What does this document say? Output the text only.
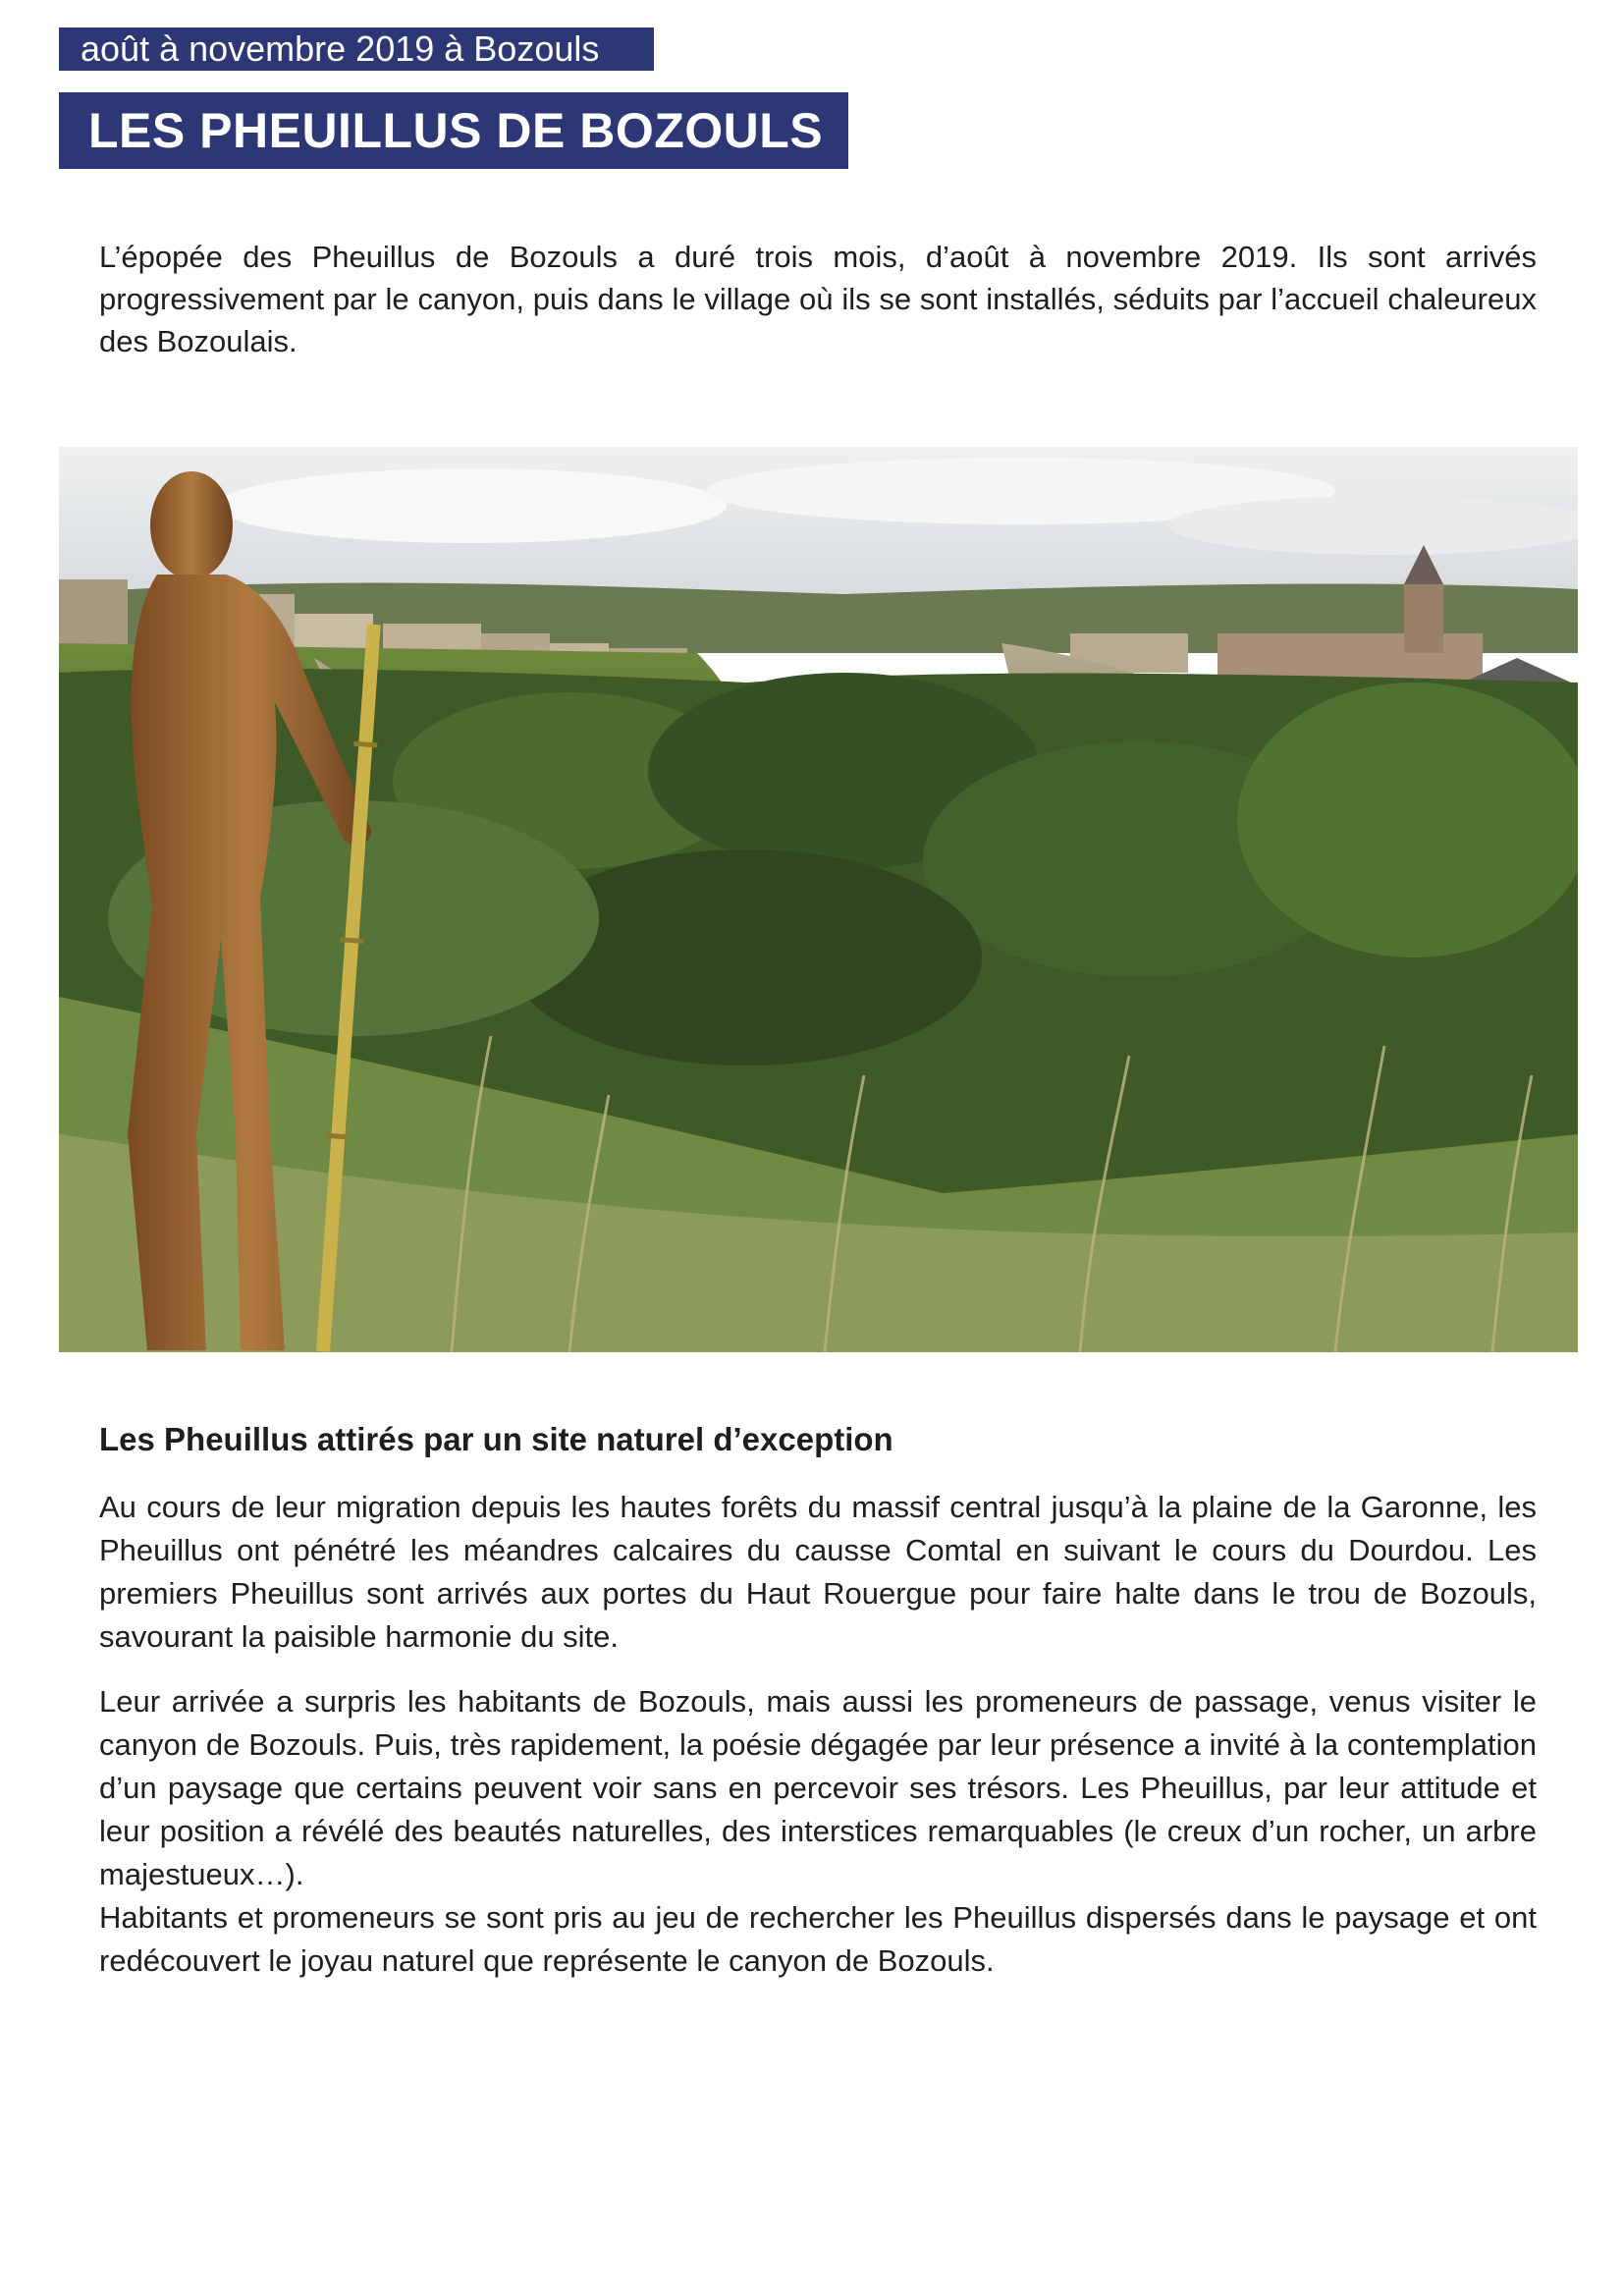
août à novembre 2019 à Bozouls
LES PHEUILLUS DE BOZOULS

L’épopée des Pheuillus de Bozouls a duré trois mois, d’août à novembre 2019. Ils sont arrivés progressivement par le canyon, puis dans le village où ils se sont installés, séduits par l’accueil chaleureux des Bozoulais.

Les Pheuillus attirés par un site naturel d’exception

Au cours de leur migration depuis les hautes forêts du massif central jusqu’à la plaine de la Garonne, les Pheuillus ont pénétré les méandres calcaires du causse Comtal en suivant le cours du Dourdou. Les premiers Pheuillus sont arrivés aux portes du Haut Rouergue pour faire halte dans le trou de Bozouls, savourant la paisible harmonie du site.

Leur arrivée a surpris les habitants de Bozouls, mais aussi les promeneurs de passage, venus visiter le canyon de Bozouls. Puis, très rapidement, la poésie dégagée par leur présence a invité à la contemplation d’un paysage que certains peuvent voir sans en percevoir ses trésors. Les Pheuillus, par leur attitude et leur position a révélé des beautés naturelles, des interstices remarquables (le creux d’un rocher, un arbre majestueux…).

Habitants et promeneurs se sont pris au jeu de rechercher les Pheuillus dispersés dans le paysage et ont redécouvert le joyau naturel que représente le canyon de Bozouls.
